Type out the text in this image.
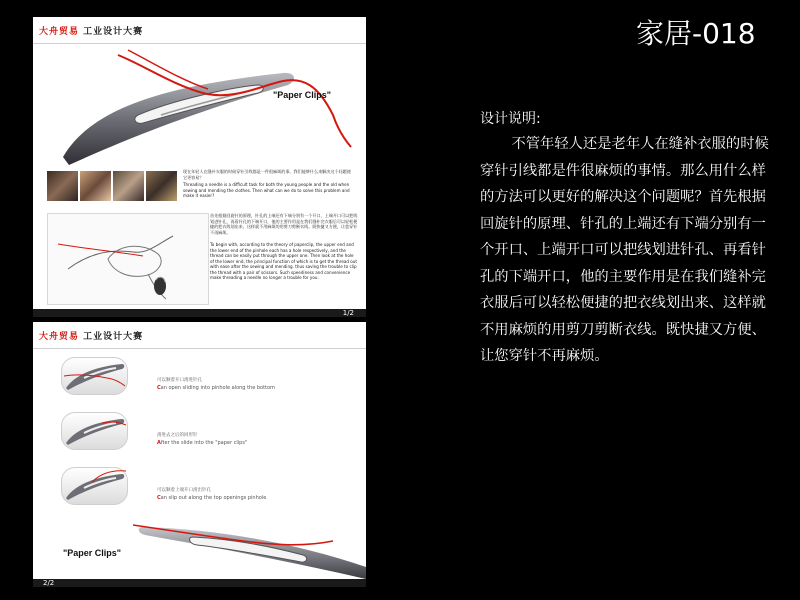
大舟贸易 工业设计大赛
"Paper Clips"
现在年轻人在缝补衣服的时候穿针引线都是一件很麻烦的事。我们能够什么来解决这个问题使它更容易？
Threading a needle is a difficult task for both the young people and the old when sewing and mending the clothes. Then what can we do to solve this problem and make it easier?
首先根据回旋针的原理，针孔的上端还有下端分别有一个开口，上端开口可以把线划进针孔，再看针孔的下端开口，他的主要作用是在我们缝补完衣服后可以轻松便捷的把衣线划出来，这样就不用麻烦的用剪刀剪断衣线。既快捷又方便，让您穿针不再麻烦。
To begin with, according to the theory of paperclip, the upper end and the lower end of the pinhole each has a hole respectively, and the thread can be easily put through the upper one. Then look at the hole of the lower end, the principal function of which is to get the thread out with ease after the sewing and mending. thus saving the trouble to clip the thread with a pair of scissors. Such speediness and convenience make threading a needle no longer a trouble for you.
1/2
大舟贸易 工业设计大赛
可以顺着开口滑进针孔
Can open sliding into pinhole along the bottom
滑进去之后的回形针
After the slide into the "paper clips"
可以顺着上端开口滑出针孔
Can slip out along the top openings pinhole
"Paper Clips"
2/2
家居-018
设计说明:

不管年轻人还是老年人在缝补衣服的时候穿针引线都是件很麻烦的事情。那么用什么样的方法可以更好的解决这个问题呢？首先根据回旋针的原理、针孔的上端还有下端分别有一个开口、上端开口可以把线划进针孔、再看针孔的下端开口，他的主要作用是在我们缝补完衣服后可以轻松便捷的把衣线划出来、这样就不用麻烦的用剪刀剪断衣线。既快捷又方便、让您穿针不再麻烦。
